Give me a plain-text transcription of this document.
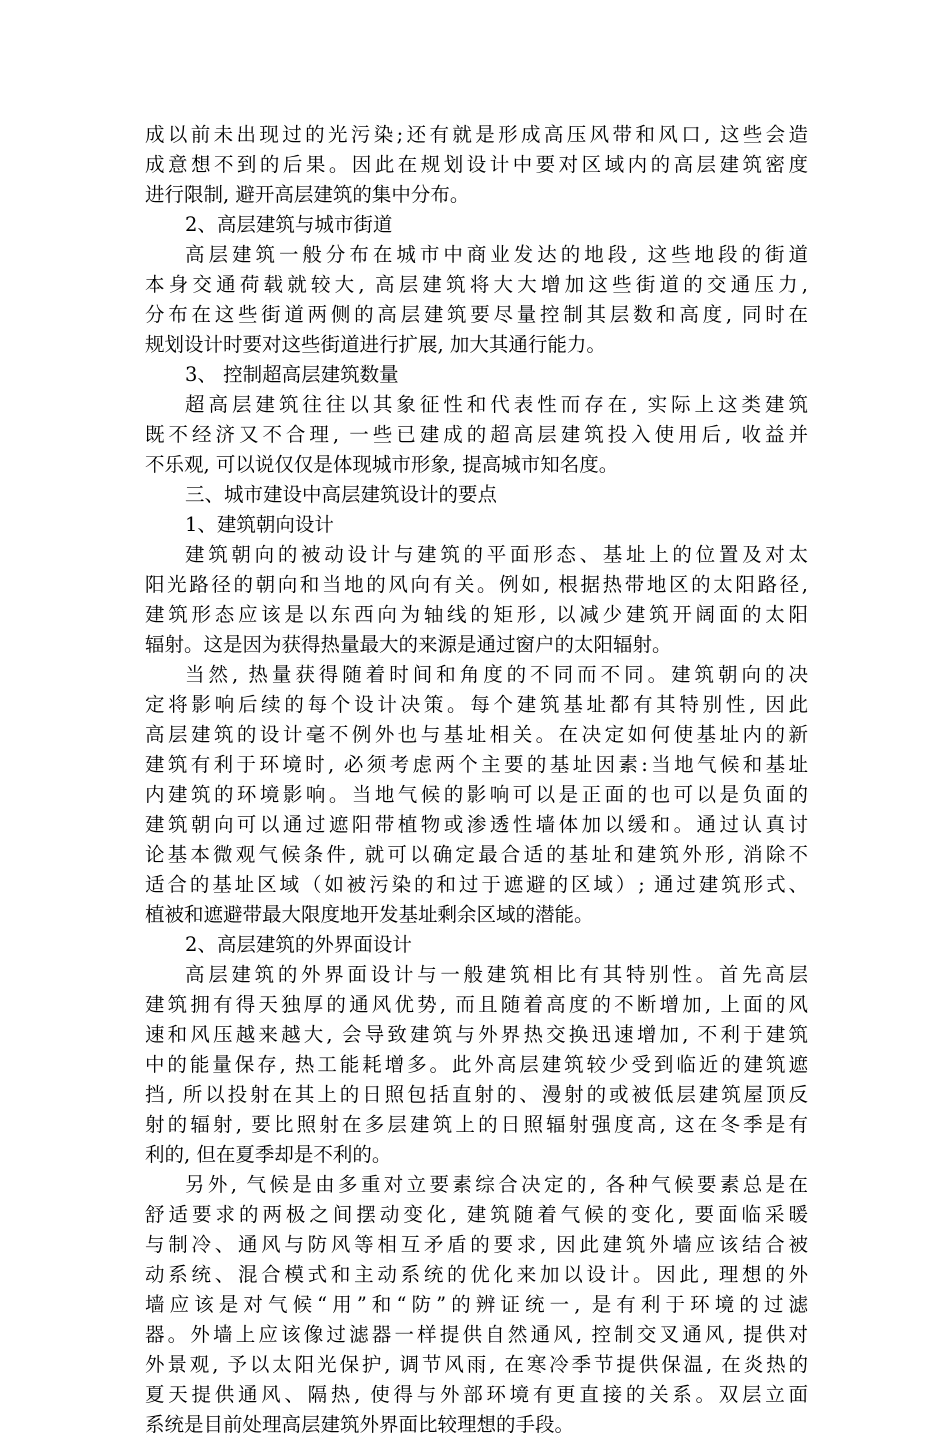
成以前未出现过的光污染;还有就是形成高压风带和风口, 这些会造
成意想不到的后果。因此在规划设计中要对区域内的高层建筑密度
进行限制, 避开高层建筑的集中分布。
2、高层建筑与城市街道
高层建筑一般分布在城市中商业发达的地段, 这些地段的街道
本身交通荷载就较大, 高层建筑将大大增加这些街道的交通压力,
分布在这些街道两侧的高层建筑要尽量控制其层数和高度, 同时在
规划设计时要对这些街道进行扩展, 加大其通行能力。
3、 控制超高层建筑数量
超高层建筑往往以其象征性和代表性而存在, 实际上这类建筑
既不经济又不合理, 一些已建成的超高层建筑投入使用后, 收益并
不乐观, 可以说仅仅是体现城市形象, 提高城市知名度。
三、城市建设中高层建筑设计的要点
1、建筑朝向设计
建筑朝向的被动设计与建筑的平面形态、基址上的位置及对太
阳光路径的朝向和当地的风向有关。例如, 根据热带地区的太阳路径,
建筑形态应该是以东西向为轴线的矩形, 以减少建筑开阔面的太阳
辐射。这是因为获得热量最大的来源是通过窗户的太阳辐射。
当然, 热量获得随着时间和角度的不同而不同。建筑朝向的决
定将影响后续的每个设计决策。每个建筑基址都有其特别性, 因此
高层建筑的设计毫不例外也与基址相关。在决定如何使基址内的新
建筑有利于环境时, 必须考虑两个主要的基址因素:当地气候和基址
内建筑的环境影响。当地气候的影响可以是正面的也可以是负面的
建筑朝向可以通过遮阳带植物或渗透性墙体加以缓和。通过认真讨
论基本微观气候条件, 就可以确定最合适的基址和建筑外形, 消除不
适合的基址区域（如被污染的和过于遮避的区域）; 通过建筑形式、
植被和遮避带最大限度地开发基址剩余区域的潜能。
2、高层建筑的外界面设计
高层建筑的外界面设计与一般建筑相比有其特别性。首先高层
建筑拥有得天独厚的通风优势, 而且随着高度的不断增加, 上面的风
速和风压越来越大, 会导致建筑与外界热交换迅速增加, 不利于建筑
中的能量保存, 热工能耗增多。此外高层建筑较少受到临近的建筑遮
挡, 所以投射在其上的日照包括直射的、漫射的或被低层建筑屋顶反
射的辐射, 要比照射在多层建筑上的日照辐射强度高, 这在冬季是有
利的, 但在夏季却是不利的。
另外, 气候是由多重对立要素综合决定的, 各种气候要素总是在
舒适要求的两极之间摆动变化, 建筑随着气候的变化, 要面临采暖
与制冷、通风与防风等相互矛盾的要求, 因此建筑外墙应该结合被
动系统、混合模式和主动系统的优化来加以设计。因此, 理想的外
墙应该是对气候“用”和“防”的辨证统一, 是有利于环境的过滤
器。外墙上应该像过滤器一样提供自然通风, 控制交叉通风, 提供对
外景观, 予以太阳光保护, 调节风雨, 在寒冷季节提供保温, 在炎热的
夏天提供通风、隔热, 使得与外部环境有更直接的关系。双层立面
系统是目前处理高层建筑外界面比较理想的手段。
